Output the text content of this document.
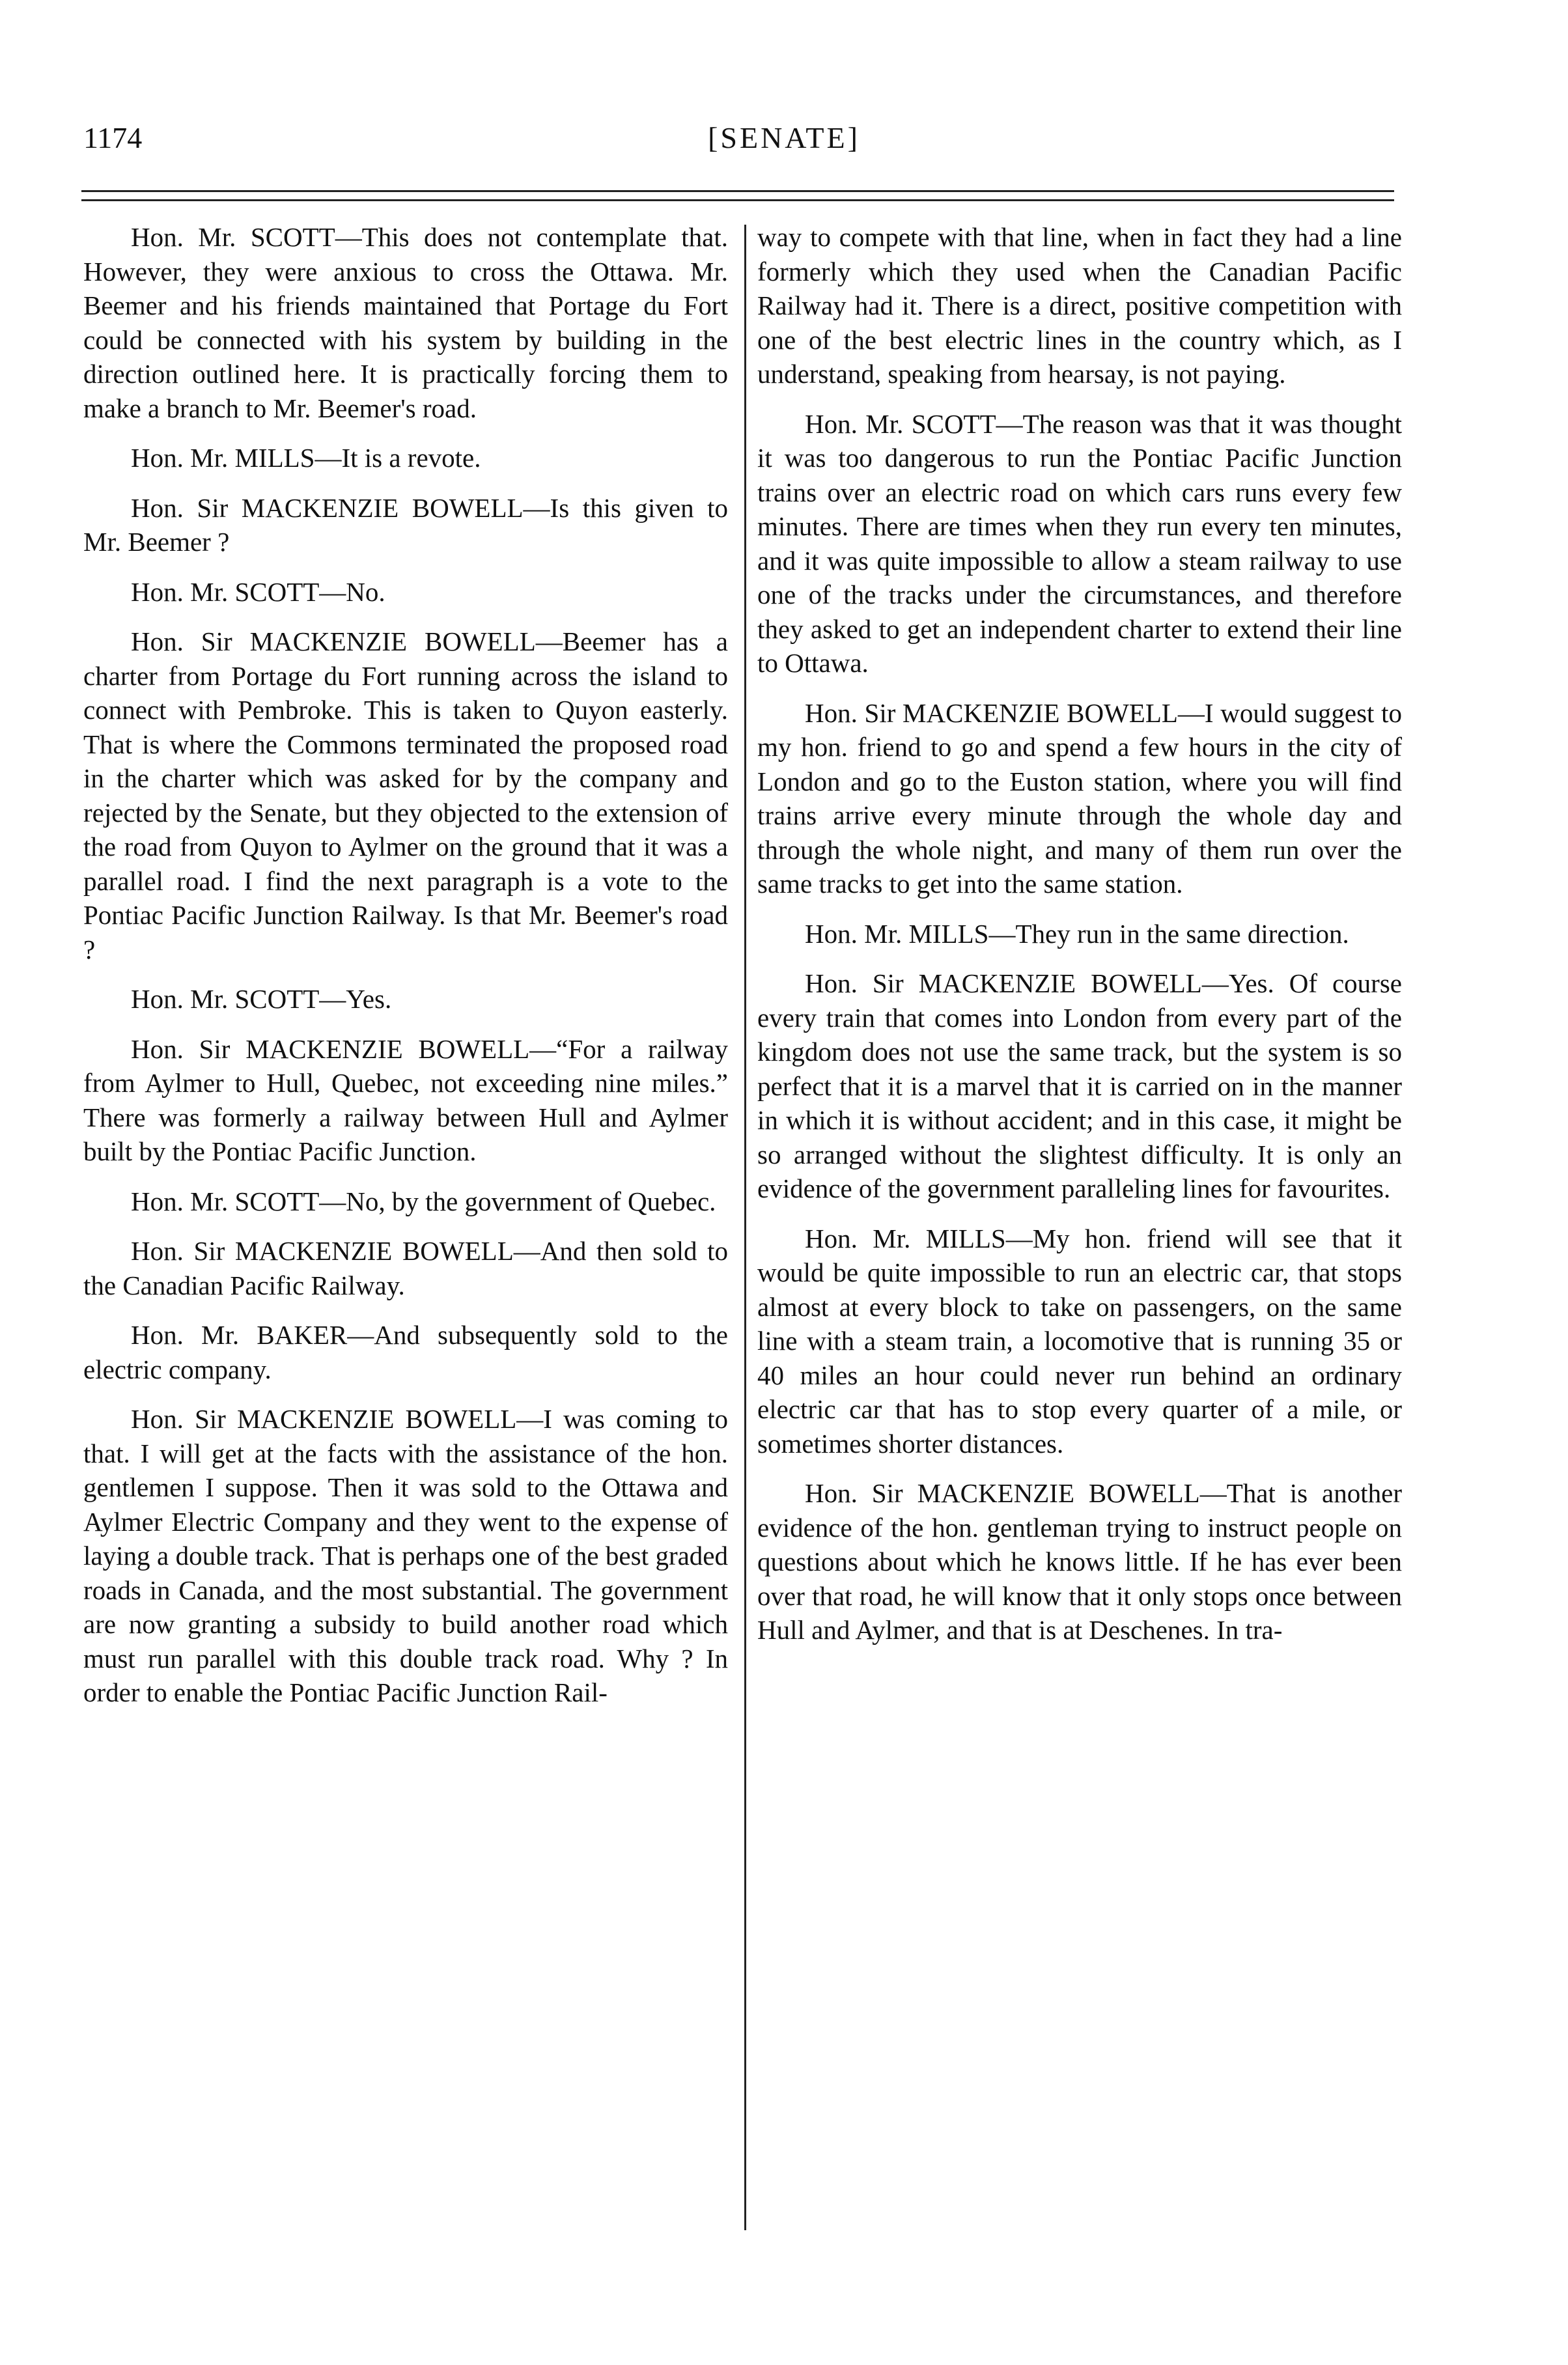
1174	[SENATE]

Hon. Mr. SCOTT—This does not contemplate that. However, they were anxious to cross the Ottawa. Mr. Beemer and his friends maintained that Portage du Fort could be connected with his system by building in the direction outlined here. It is practically forcing them to make a branch to Mr. Beemer's road.

Hon. Mr. MILLS—It is a revote.

Hon. Sir MACKENZIE BOWELL—Is this given to Mr. Beemer ?

Hon. Mr. SCOTT—No.

Hon. Sir MACKENZIE BOWELL—Beemer has a charter from Portage du Fort running across the island to connect with Pembroke. This is taken to Quyon easterly. That is where the Commons terminated the proposed road in the charter which was asked for by the company and rejected by the Senate, but they objected to the extension of the road from Quyon to Aylmer on the ground that it was a parallel road. I find the next paragraph is a vote to the Pontiac Pacific Junction Railway. Is that Mr. Beemer's road ?

Hon. Mr. SCOTT—Yes.

Hon. Sir MACKENZIE BOWELL—“For a railway from Aylmer to Hull, Quebec, not exceeding nine miles.” There was formerly a railway between Hull and Aylmer built by the Pontiac Pacific Junction.

Hon. Mr. SCOTT—No, by the government of Quebec.

Hon. Sir MACKENZIE BOWELL—And then sold to the Canadian Pacific Railway.

Hon. Mr. BAKER—And subsequently sold to the electric company.

Hon. Sir MACKENZIE BOWELL—I was coming to that. I will get at the facts with the assistance of the hon. gentlemen I suppose. Then it was sold to the Ottawa and Aylmer Electric Company and they went to the expense of laying a double track. That is perhaps one of the best graded roads in Canada, and the most substantial. The government are now granting a subsidy to build another road which must run parallel with this double track road. Why ? In order to enable the Pontiac Pacific Junction Rail-

way to compete with that line, when in fact they had a line formerly which they used when the Canadian Pacific Railway had it. There is a direct, positive competition with one of the best electric lines in the country which, as I understand, speaking from hearsay, is not paying.

Hon. Mr. SCOTT—The reason was that it was thought it was too dangerous to run the Pontiac Pacific Junction trains over an electric road on which cars runs every few minutes. There are times when they run every ten minutes, and it was quite impossible to allow a steam railway to use one of the tracks under the circumstances, and therefore they asked to get an independent charter to extend their line to Ottawa.

Hon. Sir MACKENZIE BOWELL—I would suggest to my hon. friend to go and spend a few hours in the city of London and go to the Euston station, where you will find trains arrive every minute through the whole day and through the whole night, and many of them run over the same tracks to get into the same station.

Hon. Mr. MILLS—They run in the same direction.

Hon. Sir MACKENZIE BOWELL—Yes. Of course every train that comes into London from every part of the kingdom does not use the same track, but the system is so perfect that it is a marvel that it is carried on in the manner in which it is without accident; and in this case, it might be so arranged without the slightest difficulty. It is only an evidence of the government paralleling lines for favourites.

Hon. Mr. MILLS—My hon. friend will see that it would be quite impossible to run an electric car, that stops almost at every block to take on passengers, on the same line with a steam train, a locomotive that is running 35 or 40 miles an hour could never run behind an ordinary electric car that has to stop every quarter of a mile, or sometimes shorter distances.

Hon. Sir MACKENZIE BOWELL—That is another evidence of the hon. gentleman trying to instruct people on questions about which he knows little. If he has ever been over that road, he will know that it only stops once between Hull and Aylmer, and that is at Deschenes. In tra-
